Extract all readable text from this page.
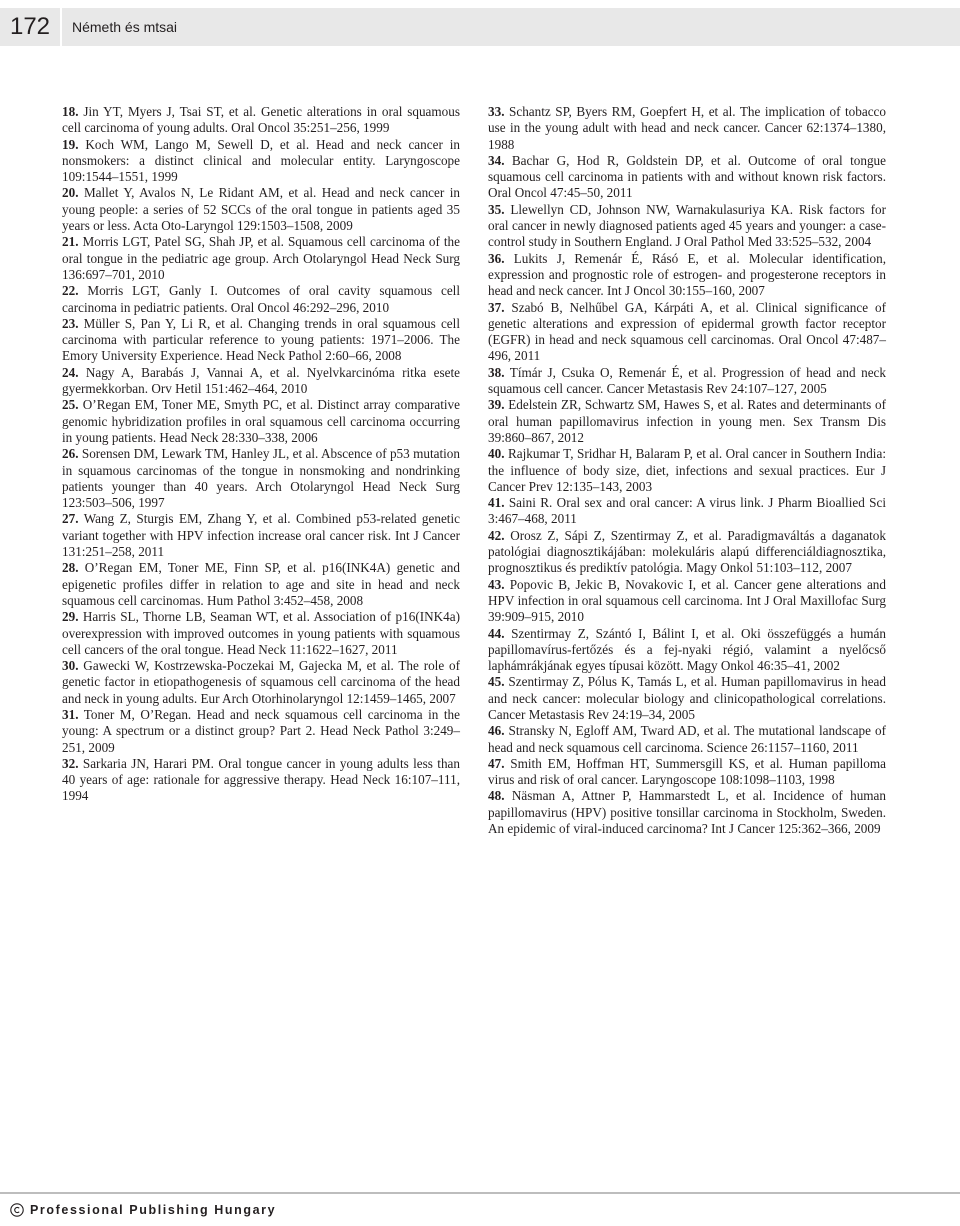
172	Németh és mtsai

18. Jin YT, Myers J, Tsai ST, et al. Genetic alterations in oral squamous cell carcinoma of young adults. Oral Oncol 35:251–256, 1999

19. Koch WM, Lango M, Sewell D, et al. Head and neck cancer in nonsmokers: a distinct clinical and molecular entity. Laryngoscope 109:1544–1551, 1999

20. Mallet Y, Avalos N, Le Ridant AM, et al. Head and neck cancer in young people: a series of 52 SCCs of the oral tongue in patients aged 35 years or less. Acta Oto-Laryngol 129:1503–1508, 2009

21. Morris LGT, Patel SG, Shah JP, et al. Squamous cell carcinoma of the oral tongue in the pediatric age group. Arch Otolaryngol Head Neck Surg 136:697–701, 2010

22. Morris LGT, Ganly I. Outcomes of oral cavity squamous cell carcinoma in pediatric patients. Oral Oncol 46:292–296, 2010

23. Müller S, Pan Y, Li R, et al. Changing trends in oral squamous cell carcinoma with particular reference to young patients: 1971–2006. The Emory University Experience. Head Neck Pathol 2:60–66, 2008

24. Nagy A, Barabás J, Vannai A, et al. Nyelvkarcinóma ritka esete gyermekkorban. Orv Hetil 151:462–464, 2010

25. O’Regan EM, Toner ME, Smyth PC, et al. Distinct array comparative genomic hybridization profiles in oral squamous cell carcinoma occurring in young patients. Head Neck 28:330–338, 2006

26. Sorensen DM, Lewark TM, Hanley JL, et al. Abscence of p53 mutation in squamous carcinomas of the tongue in nonsmoking and nondrinking patients younger than 40 years. Arch Otolaryngol Head Neck Surg 123:503–506, 1997

27. Wang Z, Sturgis EM, Zhang Y, et al. Combined p53-related genetic variant together with HPV infection increase oral cancer risk. Int J Cancer 131:251–258, 2011

28. O’Regan EM, Toner ME, Finn SP, et al. p16(INK4A) genetic and epigenetic profiles differ in relation to age and site in head and neck squamous cell carcinomas. Hum Pathol 3:452–458, 2008

29. Harris SL, Thorne LB, Seaman WT, et al. Association of p16(INK4a) overexpression with improved outcomes in young patients with squamous cell cancers of the oral tongue. Head Neck 11:1622–1627, 2011

30. Gawecki W, Kostrzewska-Poczekai M, Gajecka M, et al. The role of genetic factor in etiopathogenesis of squamous cell carcinoma of the head and neck in young adults. Eur Arch Otorhinolaryngol 12:1459–1465, 2007

31. Toner M, O’Regan. Head and neck squamous cell carcinoma in the young: A spectrum or a distinct group? Part 2. Head Neck Pathol 3:249–251, 2009

32. Sarkaria JN, Harari PM. Oral tongue cancer in young adults less than 40 years of age: rationale for aggressive therapy. Head Neck 16:107–111, 1994

33. Schantz SP, Byers RM, Goepfert H, et al. The implication of tobacco use in the young adult with head and neck cancer. Cancer 62:1374–1380, 1988

34. Bachar G, Hod R, Goldstein DP, et al. Outcome of oral tongue squamous cell carcinoma in patients with and without known risk factors. Oral Oncol 47:45–50, 2011

35. Llewellyn CD, Johnson NW, Warnakulasuriya KA. Risk factors for oral cancer in newly diagnosed patients aged 45 years and younger: a case-control study in Southern England. J Oral Pathol Med 33:525–532, 2004

36. Lukits J, Remenár É, Rásó E, et al. Molecular identification, expression and prognostic role of estrogen- and progesterone receptors in head and neck cancer. Int J Oncol 30:155–160, 2007

37. Szabó B, Nelhűbel GA, Kárpáti A, et al. Clinical significance of genetic alterations and expression of epidermal growth factor receptor (EGFR) in head and neck squamous cell carcinomas. Oral Oncol 47:487–496, 2011

38. Tímár J, Csuka O, Remenár É, et al. Progression of head and neck squamous cell cancer. Cancer Metastasis Rev 24:107–127, 2005

39. Edelstein ZR, Schwartz SM, Hawes S, et al. Rates and determinants of oral human papillomavirus infection in young men. Sex Transm Dis 39:860–867, 2012

40. Rajkumar T, Sridhar H, Balaram P, et al. Oral cancer in Southern India: the influence of body size, diet, infections and sexual practices. Eur J Cancer Prev 12:135–143, 2003

41. Saini R. Oral sex and oral cancer: A virus link. J Pharm Bioallied Sci 3:467–468, 2011

42. Orosz Z, Sápi Z, Szentirmay Z, et al. Paradigmaváltás a daganatok patológiai diagnosztikájában: molekuláris alapú differenciáldiagnosztika, prognosztikus és prediktív patológia. Magy Onkol 51:103–112, 2007

43. Popovic B, Jekic B, Novakovic I, et al. Cancer gene alterations and HPV infection in oral squamous cell carcinoma. Int J Oral Maxillofac Surg 39:909–915, 2010

44. Szentirmay Z, Szántó I, Bálint I, et al. Oki összefüggés a humán papillomavírus-fertőzés és a fej-nyaki régió, valamint a nyelőcső laphámrákjának egyes típusai között. Magy Onkol 46:35–41, 2002

45. Szentirmay Z, Pólus K, Tamás L, et al. Human papillomavirus in head and neck cancer: molecular biology and clinicopathological correlations. Cancer Metastasis Rev 24:19–34, 2005

46. Stransky N, Egloff AM, Tward AD, et al. The mutational landscape of head and neck squamous cell carcinoma. Science 26:1157–1160, 2011

47. Smith EM, Hoffman HT, Summersgill KS, et al. Human papilloma virus and risk of oral cancer. Laryngoscope 108:1098–1103, 1998

48. Näsman A, Attner P, Hammarstedt L, et al. Incidence of human papillomavirus (HPV) positive tonsillar carcinoma in Stockholm, Sweden. An epidemic of viral-induced carcinoma? Int J Cancer 125:362–366, 2009

Professional Publishing Hungary
